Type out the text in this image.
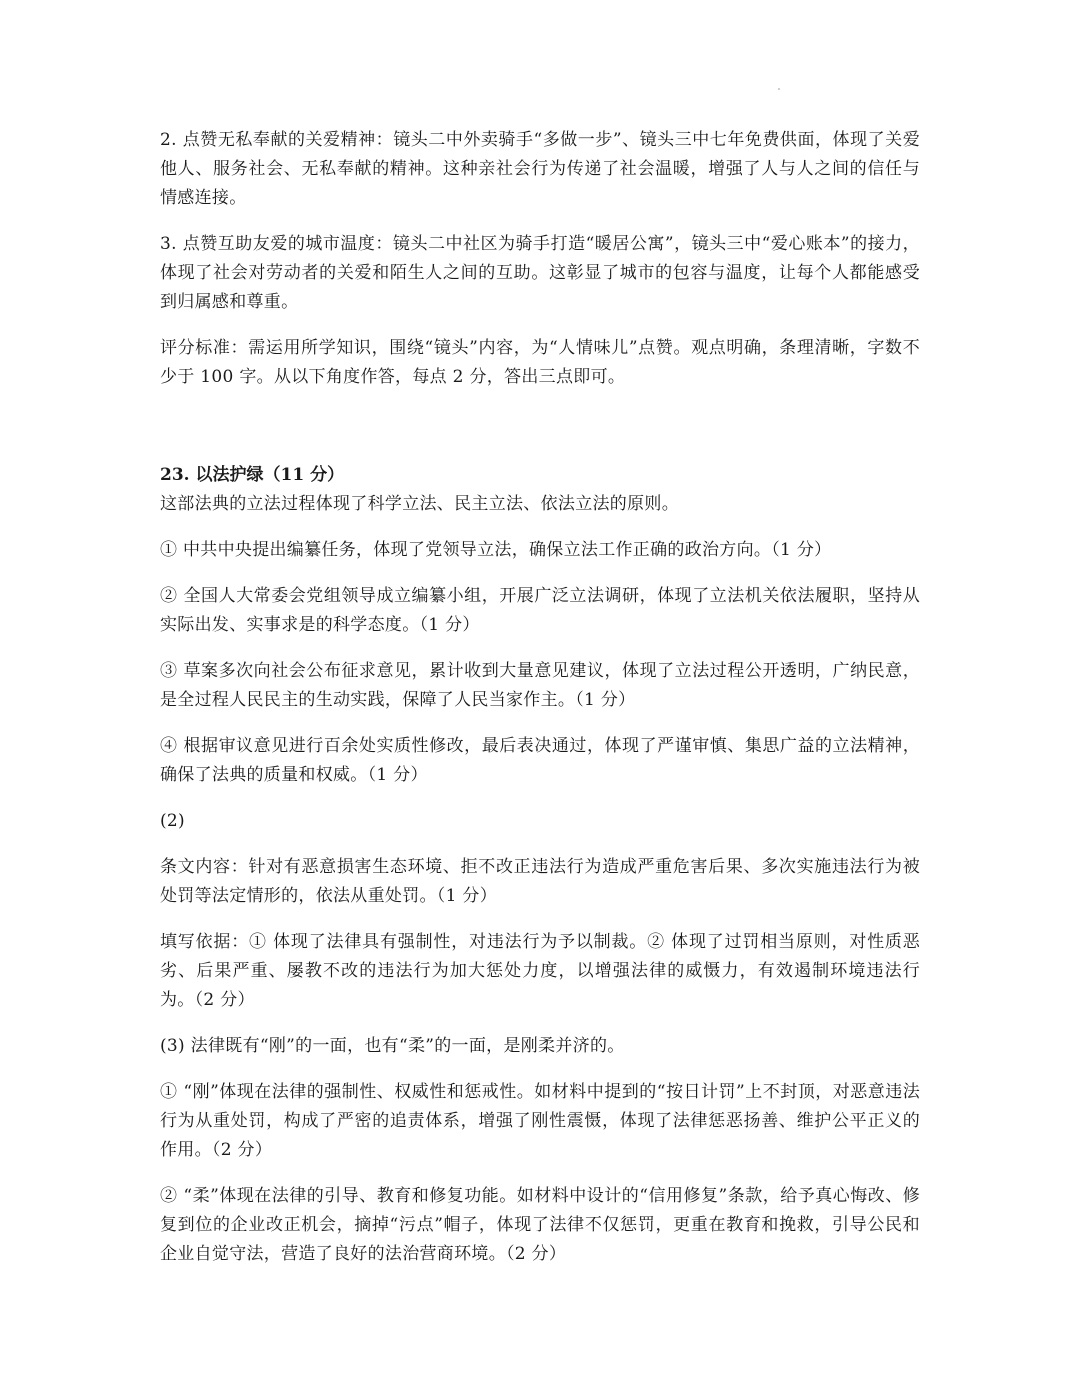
2. 点赞无私奉献的关爱精神：镜头二中外卖骑手“多做一步”、镜头三中七年免费供面，体现了关爱他人、服务社会、无私奉献的精神。这种亲社会行为传递了社会温暖，增强了人与人之间的信任与情感连接。

3. 点赞互助友爱的城市温度：镜头二中社区为骑手打造“暖居公寓”，镜头三中“爱心账本”的接力，体现了社会对劳动者的关爱和陌生人之间的互助。这彰显了城市的包容与温度，让每个人都能感受到归属感和尊重。

评分标准：需运用所学知识，围绕“镜头”内容，为“人情味儿”点赞。观点明确，条理清晰，字数不少于 100 字。从以下角度作答，每点 2 分，答出三点即可。

23. 以法护绿（11 分）

这部法典的立法过程体现了科学立法、民主立法、依法立法的原则。

① 中共中央提出编纂任务，体现了党领导立法，确保立法工作正确的政治方向。（1 分）

② 全国人大常委会党组领导成立编纂小组，开展广泛立法调研，体现了立法机关依法履职，坚持从实际出发、实事求是的科学态度。（1 分）

③ 草案多次向社会公布征求意见，累计收到大量意见建议，体现了立法过程公开透明，广纳民意，是全过程人民民主的生动实践，保障了人民当家作主。（1 分）

④ 根据审议意见进行百余处实质性修改，最后表决通过，体现了严谨审慎、集思广益的立法精神，确保了法典的质量和权威。（1 分）

(2)

条文内容：针对有恶意损害生态环境、拒不改正违法行为造成严重危害后果、多次实施违法行为被处罚等法定情形的，依法从重处罚。（1 分）

填写依据：① 体现了法律具有强制性，对违法行为予以制裁。② 体现了过罚相当原则，对性质恶劣、后果严重、屡教不改的违法行为加大惩处力度，以增强法律的威慑力，有效遏制环境违法行为。（2 分）

(3) 法律既有“刚”的一面，也有“柔”的一面，是刚柔并济的。

① “刚”体现在法律的强制性、权威性和惩戒性。如材料中提到的“按日计罚”上不封顶，对恶意违法行为从重处罚，构成了严密的追责体系，增强了刚性震慑，体现了法律惩恶扬善、维护公平正义的作用。（2 分）

② “柔”体现在法律的引导、教育和修复功能。如材料中设计的“信用修复”条款，给予真心悔改、修复到位的企业改正机会，摘掉“污点”帽子，体现了法律不仅惩罚，更重在教育和挽救，引导公民和企业自觉守法，营造了良好的法治营商环境。（2 分）
